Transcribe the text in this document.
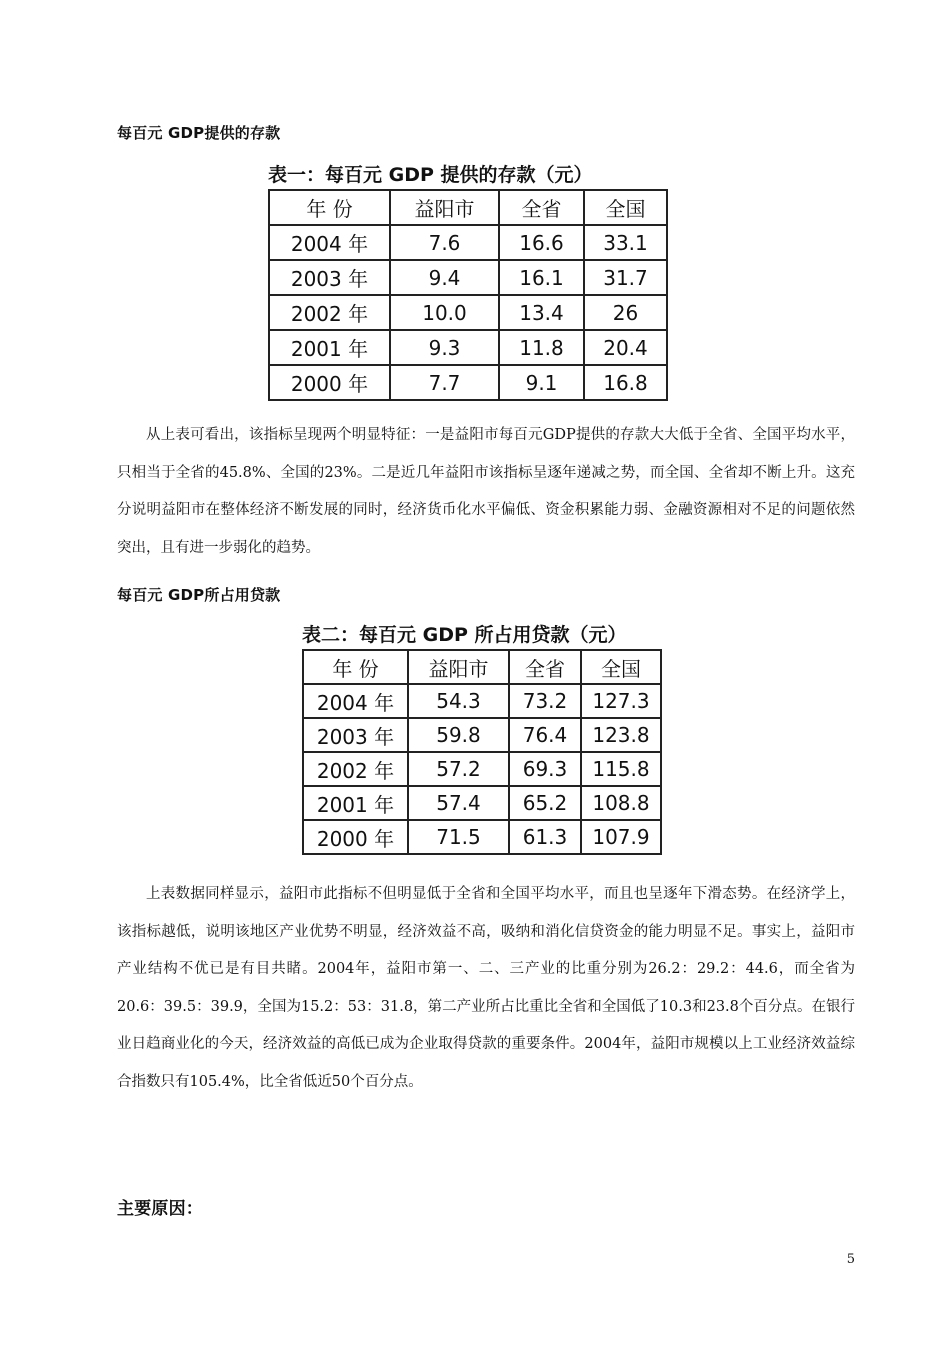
每百元 GDP提供的存款
表一：每百元 GDP 提供的存款（元）
年 份	益阳市	全省	全国
2004 年	7.6	16.6	33.1
2003 年	9.4	16.1	31.7
2002 年	10.0	13.4	26
2001 年	9.3	11.8	20.4
2000 年	7.7	9.1	16.8

从上表可看出，该指标呈现两个明显特征：一是益阳市每百元GDP提供的存款大大低于全省、全国平均水平，只相当于全省的45.8%、全国的23%。二是近几年益阳市该指标呈逐年递减之势，而全国、全省却不断上升。这充分说明益阳市在整体经济不断发展的同时，经济货币化水平偏低、资金积累能力弱、金融资源相对不足的问题依然突出，且有进一步弱化的趋势。

每百元 GDP所占用贷款
表二：每百元 GDP 所占用贷款（元）
年 份	益阳市	全省	全国
2004 年	54.3	73.2	127.3
2003 年	59.8	76.4	123.8
2002 年	57.2	69.3	115.8
2001 年	57.4	65.2	108.8
2000 年	71.5	61.3	107.9

上表数据同样显示，益阳市此指标不但明显低于全省和全国平均水平，而且也呈逐年下滑态势。在经济学上，该指标越低，说明该地区产业优势不明显，经济效益不高，吸纳和消化信贷资金的能力明显不足。事实上，益阳市产业结构不优已是有目共睹。2004年，益阳市第一、二、三产业的比重分别为26.2：29.2：44.6，而全省为20.6：39.5：39.9，全国为15.2：53：31.8，第二产业所占比重比全省和全国低了10.3和23.8个百分点。在银行业日趋商业化的今天，经济效益的高低已成为企业取得贷款的重要条件。2004年，益阳市规模以上工业经济效益综合指数只有105.4%，比全省低近50个百分点。

主要原因：
5
